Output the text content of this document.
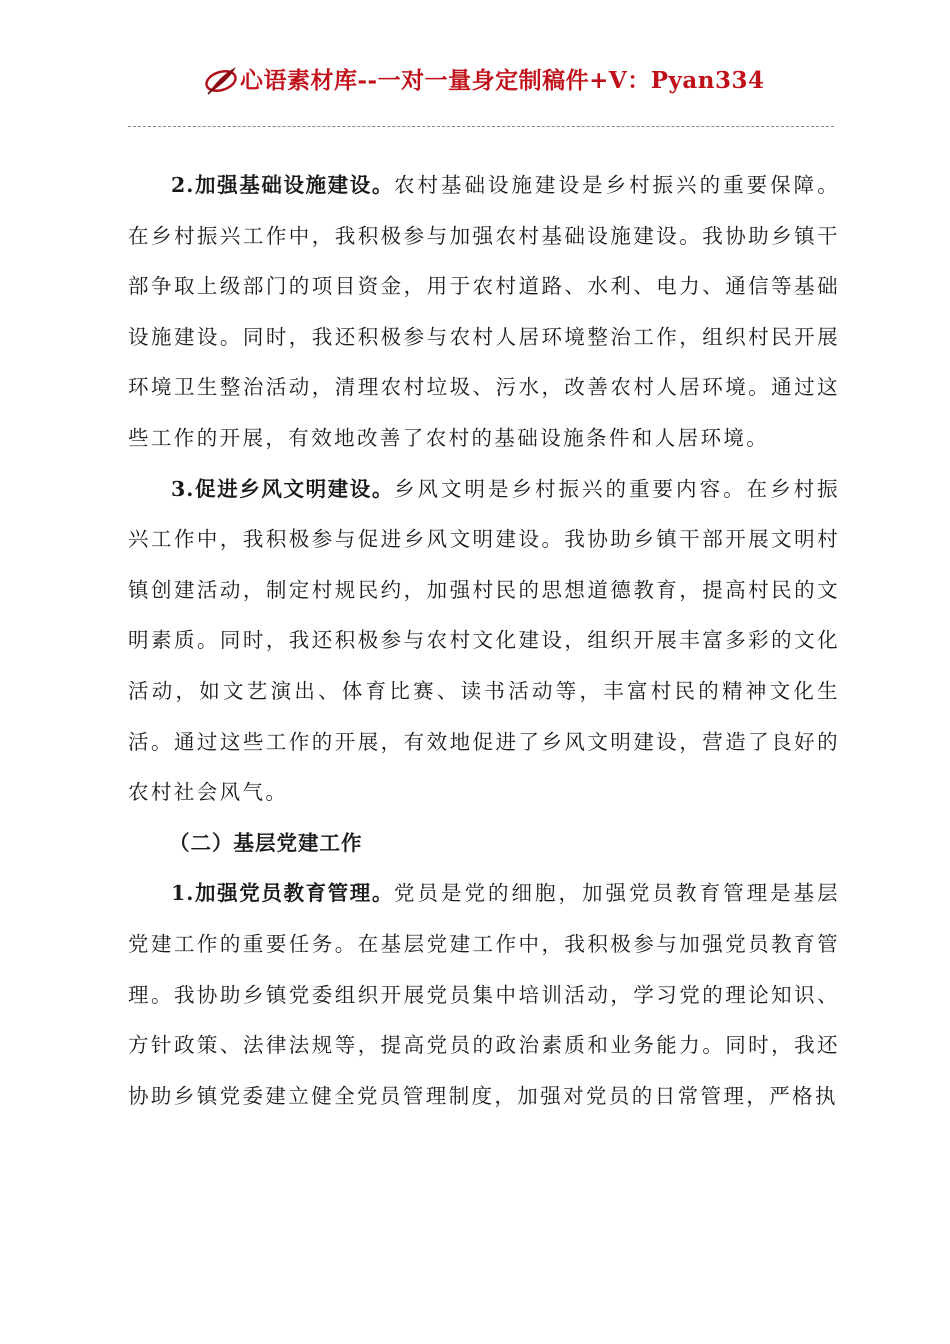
心语素材库--一对一量身定制稿件+V：Pyan334

2.加强基础设施建设。农村基础设施建设是乡村振兴的重要保障。在乡村振兴工作中，我积极参与加强农村基础设施建设。我协助乡镇干部争取上级部门的项目资金，用于农村道路、水利、电力、通信等基础设施建设。同时，我还积极参与农村人居环境整治工作，组织村民开展环境卫生整治活动，清理农村垃圾、污水，改善农村人居环境。通过这些工作的开展，有效地改善了农村的基础设施条件和人居环境。

3.促进乡风文明建设。乡风文明是乡村振兴的重要内容。在乡村振兴工作中，我积极参与促进乡风文明建设。我协助乡镇干部开展文明村镇创建活动，制定村规民约，加强村民的思想道德教育，提高村民的文明素质。同时，我还积极参与农村文化建设，组织开展丰富多彩的文化活动，如文艺演出、体育比赛、读书活动等，丰富村民的精神文化生活。通过这些工作的开展，有效地促进了乡风文明建设，营造了良好的农村社会风气。

（二）基层党建工作

1.加强党员教育管理。党员是党的细胞，加强党员教育管理是基层党建工作的重要任务。在基层党建工作中，我积极参与加强党员教育管理。我协助乡镇党委组织开展党员集中培训活动，学习党的理论知识、方针政策、法律法规等，提高党员的政治素质和业务能力。同时，我还协助乡镇党委建立健全党员管理制度，加强对党员的日常管理，严格执
